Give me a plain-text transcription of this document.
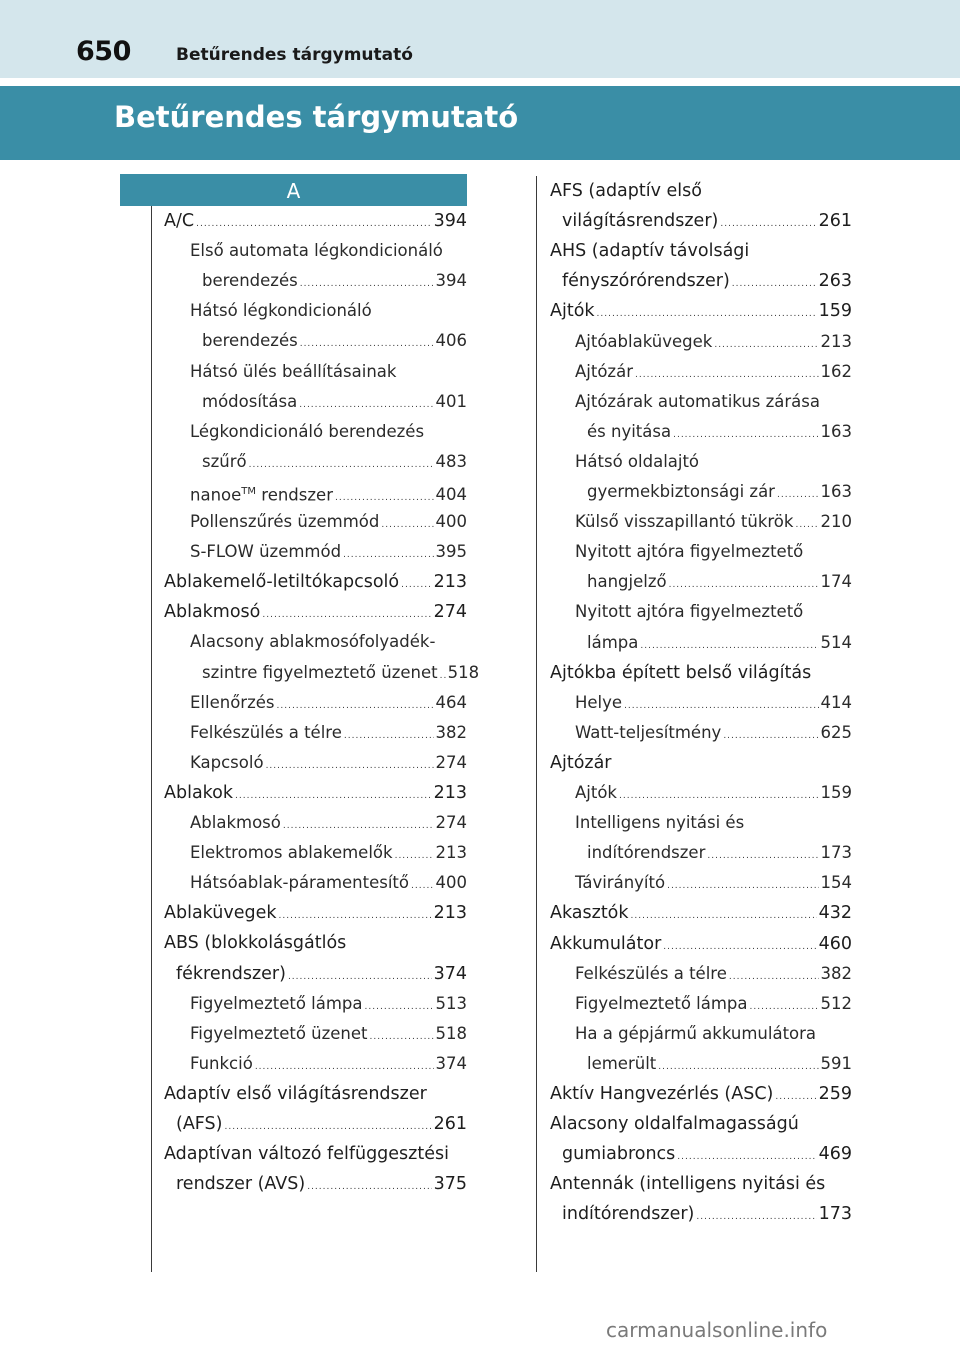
650	Betűrendes tárgymutató
Betűrendes tárgymutató
A
A/C .....	394
Első automata légkondicionáló
berendezés .....	394
Hátsó légkondicionáló
berendezés .....	406
Hátsó ülés beállításainak
módosítása .....	401
Légkondicionáló berendezés
szűrő .....	483
nanoe™ rendszer .....	404
Pollenszűrés üzemmód .....	400
S-FLOW üzemmód .....	395
Ablakemelő-letiltókapcsoló ..... 213
Ablakmosó .....	274
Alacsony ablakmosófolyadék-
szintre figyelmeztető üzenet ..... 518
Ellenőrzés .....	464
Felkészülés a télre .....	382
Kapcsoló .....	274
Ablakok .....	213
Ablakmosó .....	274
Elektromos ablakemelők .....	213
Hátsóablak-páramentesítő ..... 400
Ablaküvegek .....	213
ABS (blokkolásgátlós
fékrendszer) .....	374
Figyelmeztető lámpa .....	513
Figyelmeztető üzenet .....	518
Funkció .....	374
Adaptív első világításrendszer
(AFS) .....	261
Adaptívan változó felfüggesztési
rendszer (AVS) .....	375
AFS (adaptív első
világításrendszer) .....	261
AHS (adaptív távolsági
fényszórórendszer) .....	263
Ajtók .....	159
Ajtóablaküvegek .....	213
Ajtózár .....	162
Ajtózárak automatikus zárása
és nyitása .....	163
Hátsó oldalajtó
gyermekbiztonsági zár .....	163
Külső visszapillantó tükrök ..... 210
Nyitott ajtóra figyelmeztető
hangjelző .....	174
Nyitott ajtóra figyelmeztető
lámpa .....	514
Ajtókba épített belső világítás
Helye .....	414
Watt-teljesítmény .....	625
Ajtózár
Ajtók .....	159
Intelligens nyitási és
indítórendszer .....	173
Távirányító .....	154
Akasztók .....	432
Akkumulátor .....	460
Felkészülés a télre .....	382
Figyelmeztető lámpa .....	512
Ha a gépjármű akkumulátora
lemerült .....	591
Aktív Hangvezérlés (ASC) .....	259
Alacsony oldalfalmagasságú
gumiabroncs .....	469
Antennák (intelligens nyitási és
indítórendszer) .....	173
carmanualsonline.info
